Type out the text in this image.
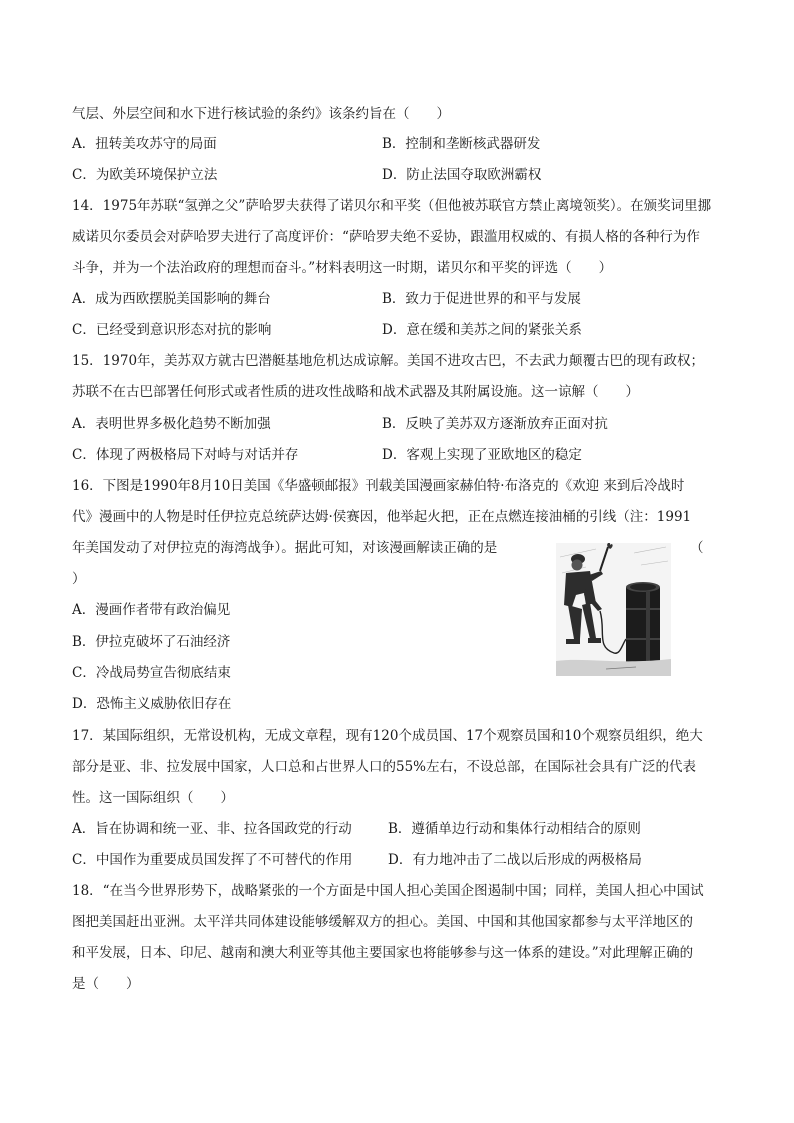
气层、外层空间和水下进行核试验的条约》该条约旨在（　　）

A．扭转美攻苏守的局面	B．控制和垄断核武器研发

C．为欧美环境保护立法	D．防止法国夺取欧洲霸权

14．1975年苏联“氢弹之父”萨哈罗夫获得了诺贝尔和平奖（但他被苏联官方禁止离境领奖）。在颁奖词里挪

威诺贝尔委员会对萨哈罗夫进行了高度评价：“萨哈罗夫绝不妥协，跟滥用权威的、有损人格的各种行为作

斗争，并为一个法治政府的理想而奋斗。”材料表明这一时期，诺贝尔和平奖的评选（　　）

A．成为西欧摆脱美国影响的舞台	B．致力于促进世界的和平与发展

C．已经受到意识形态对抗的影响	D．意在缓和美苏之间的紧张关系

15．1970年，美苏双方就古巴潜艇基地危机达成谅解。美国不进攻古巴，不去武力颠覆古巴的现有政权；

苏联不在古巴部署任何形式或者性质的进攻性战略和战术武器及其附属设施。这一谅解（　　）

A．表明世界多极化趋势不断加强	B．反映了美苏双方逐渐放弃正面对抗

C．体现了两极格局下对峙与对话并存	D．客观上实现了亚欧地区的稳定

16．下图是1990年8月10日美国《华盛顿邮报》刊载美国漫画家赫伯特·布洛克的《欢迎 来到后冷战时

代》漫画中的人物是时任伊拉克总统萨达姆·侯赛因，他举起火把，正在点燃连接油桶的引线（注：1991

年美国发动了对伊拉克的海湾战争）。据此可知，对该漫画解读正确的是	（

）

A．漫画作者带有政治偏见

B．伊拉克破坏了石油经济

C．冷战局势宣告彻底结束

D．恐怖主义威胁依旧存在

17．某国际组织，无常设机构，无成文章程，现有120个成员国、17个观察员国和10个观察员组织，绝大

部分是亚、非、拉发展中国家，人口总和占世界人口的55%左右，不设总部，在国际社会具有广泛的代表

性。这一国际组织（　　）

A．旨在协调和统一亚、非、拉各国政党的行动	B．遵循单边行动和集体行动相结合的原则

C．中国作为重要成员国发挥了不可替代的作用	D．有力地冲击了二战以后形成的两极格局

18．“在当今世界形势下，战略紧张的一个方面是中国人担心美国企图遏制中国；同样，美国人担心中国试

图把美国赶出亚洲。太平洋共同体建设能够缓解双方的担心。美国、中国和其他国家都参与太平洋地区的

和平发展，日本、印尼、越南和澳大利亚等其他主要国家也将能够参与这一体系的建设。”对此理解正确的

是（　　）
